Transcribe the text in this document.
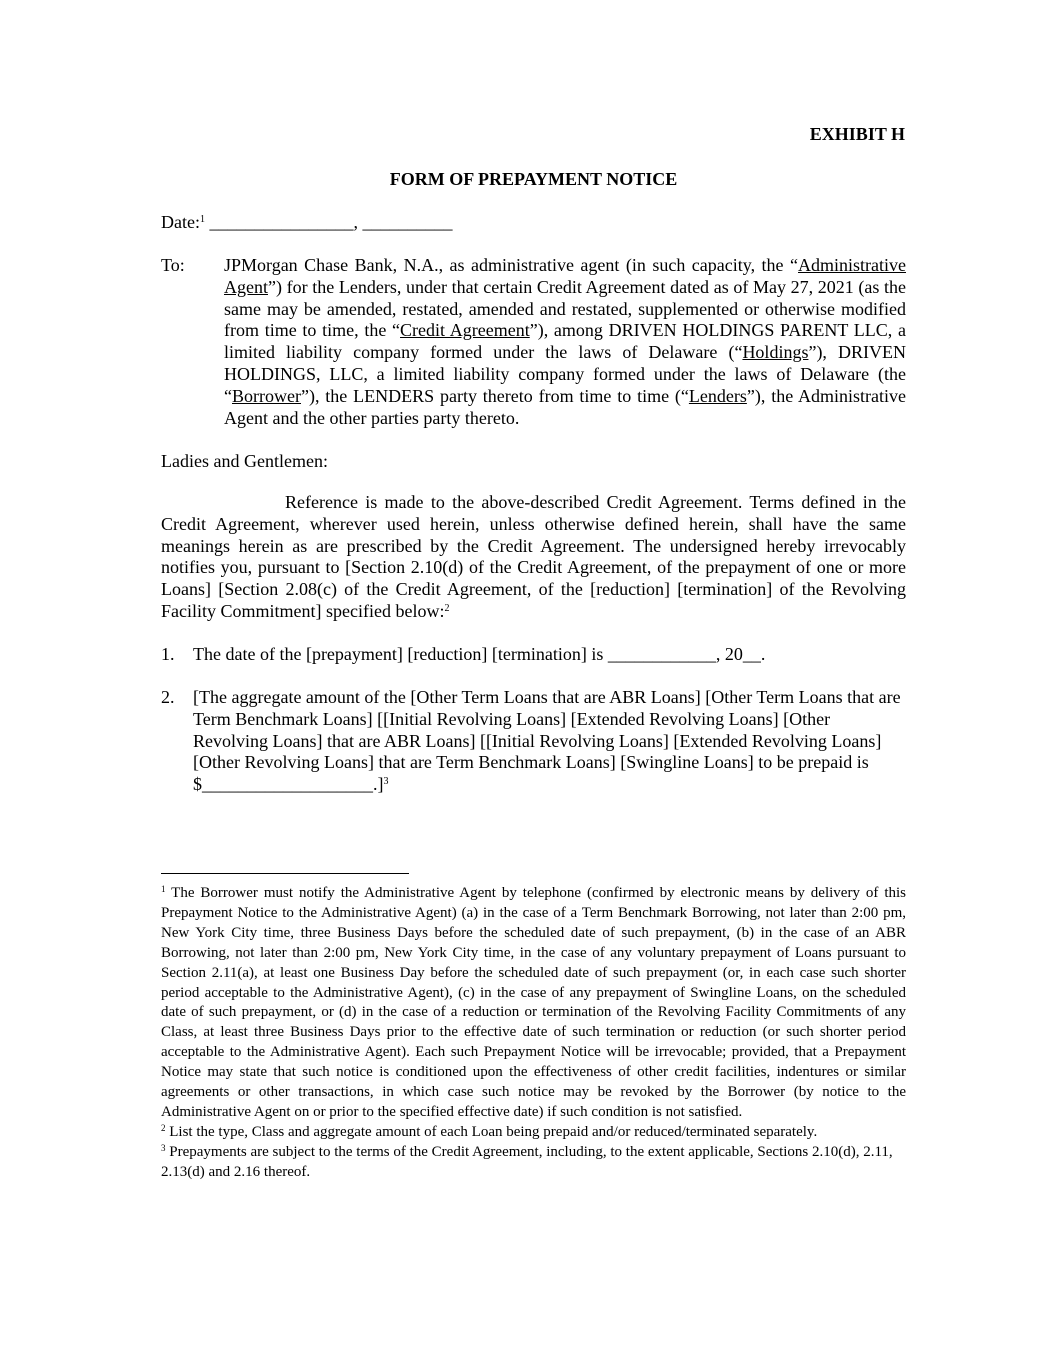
EXHIBIT H

FORM OF PREPAYMENT NOTICE

Date:$^1$ ________________, __________

To: JPMorgan Chase Bank, N.A., as administrative agent (in such capacity, the “Administrative Agent”) for the Lenders, under that certain Credit Agreement dated as of May 27, 2021 (as the same may be amended, restated, amended and restated, supplemented or otherwise modified from time to time, the “Credit Agreement”), among DRIVEN HOLDINGS PARENT LLC, a limited liability company formed under the laws of Delaware (“Holdings”), DRIVEN HOLDINGS, LLC, a limited liability company formed under the laws of Delaware (the “Borrower”), the LENDERS party thereto from time to time (“Lenders”), the Administrative Agent and the other parties party thereto.

Ladies and Gentlemen:

Reference is made to the above-described Credit Agreement. Terms defined in the Credit Agreement, wherever used herein, unless otherwise defined herein, shall have the same meanings herein as are prescribed by the Credit Agreement. The undersigned hereby irrevocably notifies you, pursuant to [Section 2.10(d) of the Credit Agreement, of the prepayment of one or more Loans] [Section 2.08(c) of the Credit Agreement, of the [reduction] [termination] of the Revolving Facility Commitment] specified below:$^2$

1. The date of the [prepayment] [reduction] [termination] is ____________, 20__.

2. [The aggregate amount of the [Other Term Loans that are ABR Loans] [Other Term Loans that are Term Benchmark Loans] [[Initial Revolving Loans] [Extended Revolving Loans] [Other Revolving Loans] that are ABR Loans] [[Initial Revolving Loans] [Extended Revolving Loans] [Other Revolving Loans] that are Term Benchmark Loans] [Swingline Loans] to be prepaid is $___________________.]$^3$

$^1$ The Borrower must notify the Administrative Agent by telephone (confirmed by electronic means by delivery of this Prepayment Notice to the Administrative Agent) (a) in the case of a Term Benchmark Borrowing, not later than 2:00 pm, New York City time, three Business Days before the scheduled date of such prepayment, (b) in the case of an ABR Borrowing, not later than 2:00 pm, New York City time, in the case of any voluntary prepayment of Loans pursuant to Section 2.11(a), at least one Business Day before the scheduled date of such prepayment (or, in each case such shorter period acceptable to the Administrative Agent), (c) in the case of any prepayment of Swingline Loans, on the scheduled date of such prepayment, or (d) in the case of a reduction or termination of the Revolving Facility Commitments of any Class, at least three Business Days prior to the effective date of such termination or reduction (or such shorter period acceptable to the Administrative Agent). Each such Prepayment Notice will be irrevocable; provided, that a Prepayment Notice may state that such notice is conditioned upon the effectiveness of other credit facilities, indentures or similar agreements or other transactions, in which case such notice may be revoked by the Borrower (by notice to the Administrative Agent on or prior to the specified effective date) if such condition is not satisfied.

$^2$ List the type, Class and aggregate amount of each Loan being prepaid and/or reduced/terminated separately.

$^3$ Prepayments are subject to the terms of the Credit Agreement, including, to the extent applicable, Sections 2.10(d), 2.11, 2.13(d) and 2.16 thereof.
